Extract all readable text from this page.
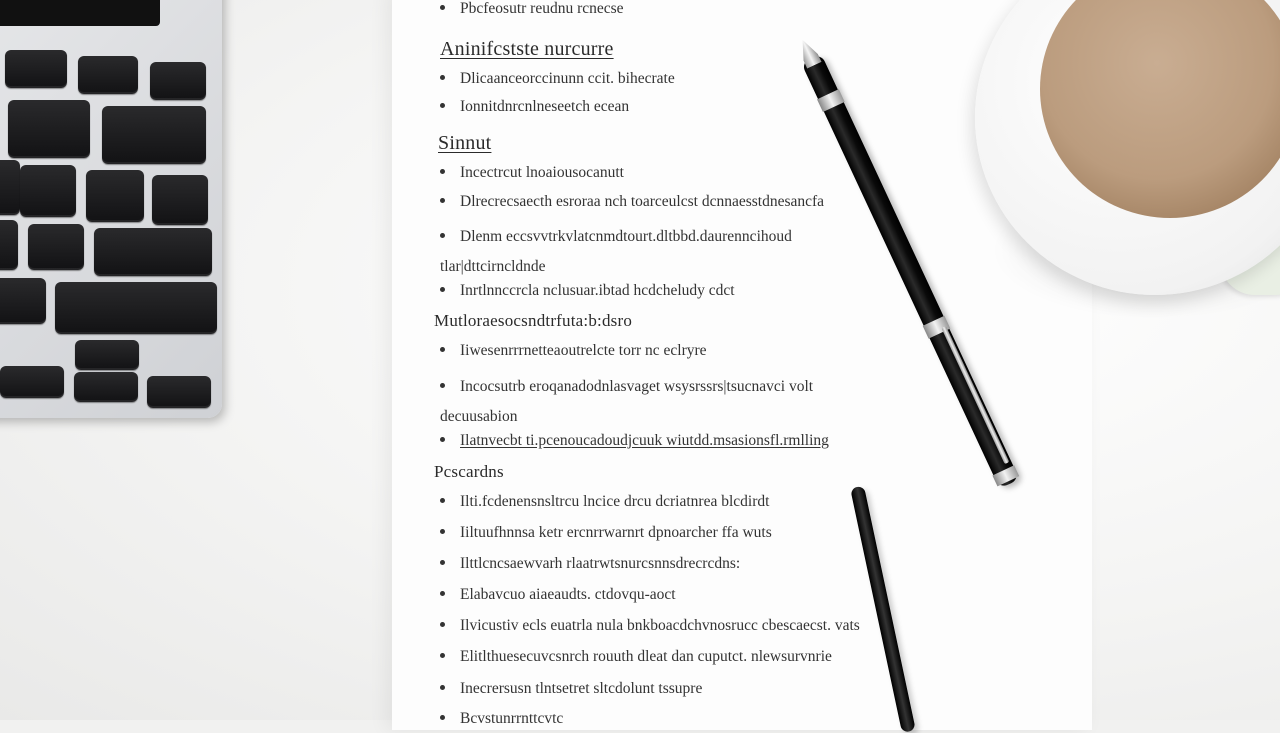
Pbcfeosutr reudnu rcnecse
Aninifcstste nurcurre
Dlicaanceorccinunn ccit. bihecrate
Ionnitdnrcnlneseetch ecean
Sinnut
Incectrcut lnoaiousocanutt
Dlrecrecsaecth esroraa nch toarceulcst dcnnaesstdnesancfa
Dlenm eccsvvtrkvlatcnmdtourt.dltbbd.daurenncihoud tlar|dttcirncldnde
Inrtlnnccrcla nclusuar.ibtad hcdcheludy cdct
Mutloraesocsndtrfuta:b:dsro
Iiwesenrrrnetteaoutrelcte torr nc eclryre
Incocsutrb eroqanadodnlasvaget wsysrssrs|tsucnavci volt decuusabion
Ilatnvecbt ti.pcenoucadoudjcuuk wiutdd.msasionsfl.rmlling
Pcscardns
Ilti.fcdenensnsltrcu lncice drcu dcriatnrea blcdirdt
Iiltuufhnnsa ketr ercnrrwarnrt dpnoarcher ffa wuts
Ilttlcncsaewvarh rlaatrwtsnurcsnnsdrecrcdns:
Elabavcuo aiaeaudts. ctdovqu-aoct
Ilvicustiv ecls euatrla nula bnkboacdchvnosrucc cbescaecst. vats
Elitlthuesecuvcsnrch rouuth dleat dan cuputct. nlewsurvnrie
Inecrersusn tlntsetret sltcdolunt tssupre
Bcvstunrrnttcvtc
